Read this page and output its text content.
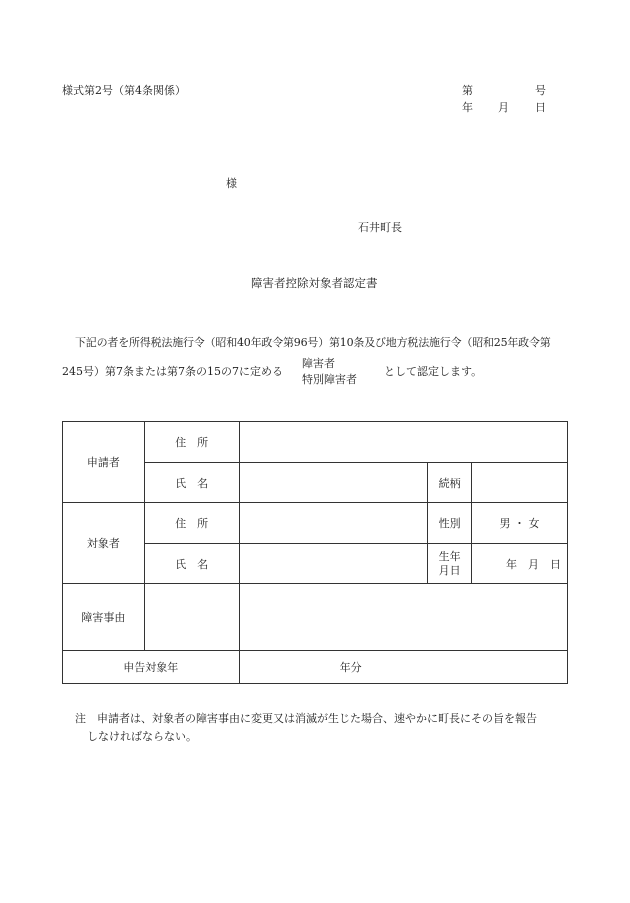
様式第2号（第4条関係）	第	号
年 月 日
様
石井町長
障害者控除対象者認定書
下記の者を所得税法施行令（昭和40年政令第96号）第10条及び地方税法施行令（昭和25年政令第
245号）第7条または第7条の15の7に定める
障害者
特別障害者
として認定します。
申請者	住　所			
	氏　名		続柄	
対象者	住　所		性別	男 ・ 女
	氏　名		生年
月日	年　月　日
障害事由				
申告対象年		年分		
注　申請者は、対象者の障害事由に変更又は消滅が生じた場合、速やかに町長にその旨を報告
しなければならない。
